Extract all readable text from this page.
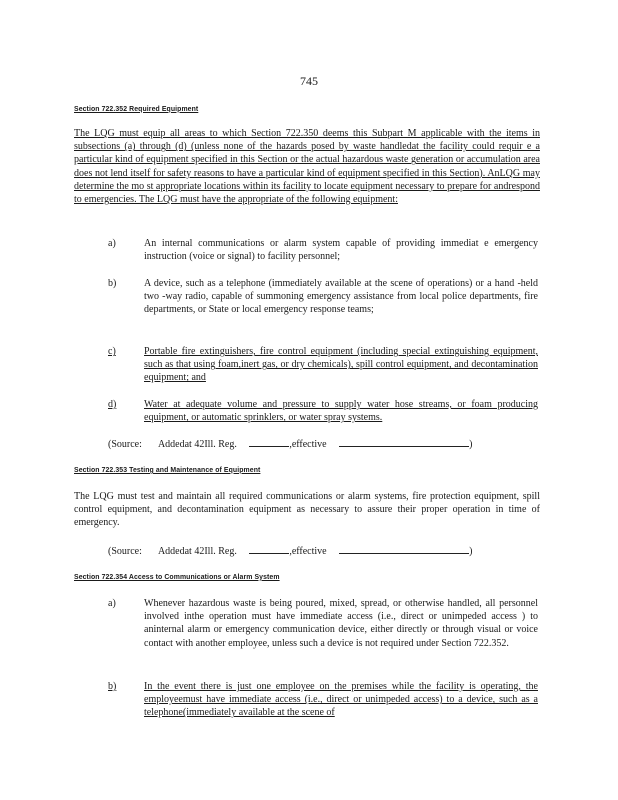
745
Section 722.352 Required Equipment
The LQG must equip all areas to which Section 722.350 deems this Subpart M applicable with the items in subsections (a) through (d) (unless none of the hazards posed by waste handledat the facility could requir e a particular kind of equipment specified in this Section or the actual hazardous waste generation or accumulation area does not lend itself for safety reasons to have a particular kind of equipment specified in this Section). AnLQG may determine the mo st appropriate locations within its facility to locate equipment necessary to prepare for andrespond to emergencies. The LQG must have the appropriate of the following equipment:
a)	An internal communications or alarm system capable of providing immediat e emergency instruction (voice or signal) to facility personnel;
b)	A device, such as a telephone (immediately available at the scene of operations) or a hand -held two -way radio, capable of summoning emergency assistance from local police departments, fire departments, or State or local emergency response teams;
c)	Portable fire extinguishers, fire control equipment (including special extinguishing equipment, such as that using foam,inert gas, or dry chemicals), spill control equipment, and decontamination equipment; and
d)	Water at adequate volume and pressure to supply water hose streams, or foam producing equipment, or automatic sprinklers, or water spray systems.
(Source: Addedat 42Ill. Reg.	,effective	)
Section 722.353 Testing and Maintenance of Equipment
The LQG must test and maintain all required communications or alarm systems, fire protection equipment, spill control equipment, and decontamination equipment as necessary to assure their proper operation in time of emergency.
(Source: Addedat 42Ill. Reg.	,effective	)
Section 722.354 Access to Communications or Alarm System
a)	Whenever hazardous waste is being poured, mixed, spread, or otherwise handled, all personnel involved inthe operation must have immediate access (i.e., direct or unimpeded access ) to aninternal alarm or emergency communication device, either directly or through visual or voice contact with another employee, unless such a device is not required under Section 722.352.
b)	In the event there is just one employee on the premises while the facility is operating, the employeemust have immediate access (i.e., direct or unimpeded access) to a device, such as a telephone(immediately available at the scene of
